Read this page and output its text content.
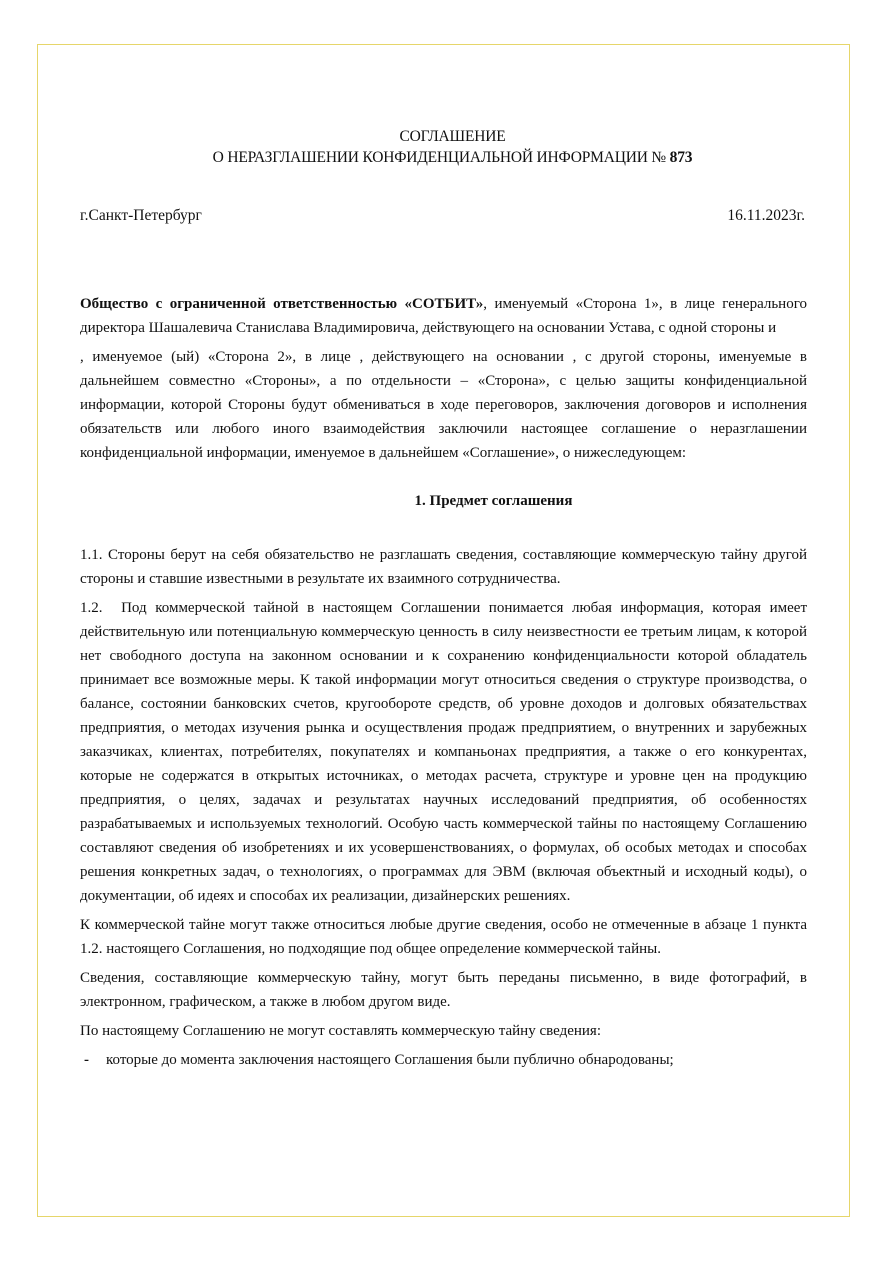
СОГЛАШЕНИЕ
О НЕРАЗГЛАШЕНИИ КОНФИДЕНЦИАЛЬНОЙ ИНФОРМАЦИИ № 873
г.Санкт-Петербург	16.11.2023г.

Общество с ограниченной ответственностью «СОТБИТ», именуемый «Сторона 1», в лице генерального директора Шашалевича Станислава Владимировича, действующего на основании Устава, с одной стороны и

, именуемое (ый) «Сторона 2», в лице , действующего на основании , с другой стороны, именуемые в дальнейшем совместно «Стороны», а по отдельности – «Сторона», с целью защиты конфиденциальной информации, которой Стороны будут обмениваться в ходе переговоров, заключения договоров и исполнения обязательств или любого иного взаимодействия заключили настоящее соглашение о неразглашении конфиденциальной информации, именуемое в дальнейшем «Соглашение», о нижеследующем:

1. Предмет соглашения

1.1. Стороны берут на себя обязательство не разглашать сведения, составляющие коммерческую тайну другой стороны и ставшие известными в результате их взаимного сотрудничества.

1.2. Под коммерческой тайной в настоящем Соглашении понимается любая информация, которая имеет действительную или потенциальную коммерческую ценность в силу неизвестности ее третьим лицам, к которой нет свободного доступа на законном основании и к сохранению конфиденциальности которой обладатель принимает все возможные меры. К такой информации могут относиться сведения о структуре производства, о балансе, состоянии банковских счетов, кругообороте средств, об уровне доходов и долговых обязательствах предприятия, о методах изучения рынка и осуществления продаж предприятием, о внутренних и зарубежных заказчиках, клиентах, потребителях, покупателях и компаньонах предприятия, а также о его конкурентах, которые не содержатся в открытых источниках, о методах расчета, структуре и уровне цен на продукцию предприятия, о целях, задачах и результатах научных исследований предприятия, об особенностях разрабатываемых и используемых технологий. Особую часть коммерческой тайны по настоящему Соглашению составляют сведения об изобретениях и их усовершенствованиях, о формулах, об особых методах и способах решения конкретных задач, о технологиях, о программах для ЭВМ (включая объектный и исходный коды), о документации, об идеях и способах их реализации, дизайнерских решениях.

К коммерческой тайне могут также относиться любые другие сведения, особо не отмеченные в абзаце 1 пункта 1.2. настоящего Соглашения, но подходящие под общее определение коммерческой тайны.

Сведения, составляющие коммерческую тайну, могут быть переданы письменно, в виде фотографий, в электронном, графическом, а также в любом другом виде.

По настоящему Соглашению не могут составлять коммерческую тайну сведения:

-	которые до момента заключения настоящего Соглашения были публично обнародованы;
